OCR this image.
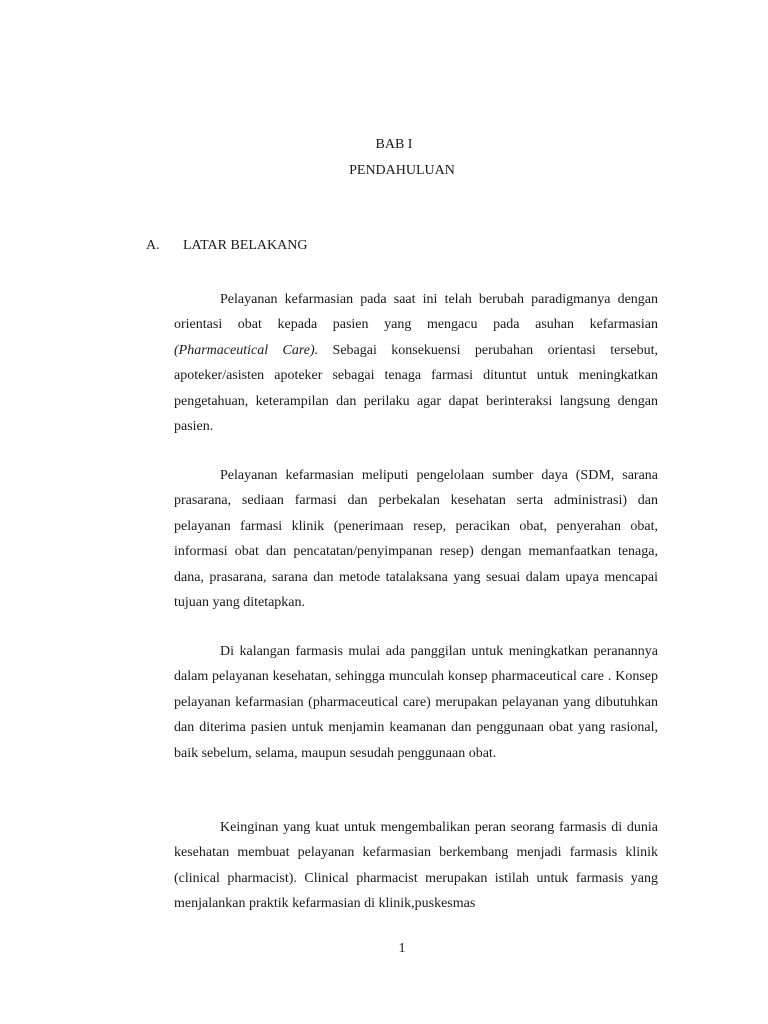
BAB I
PENDAHULUAN
A. LATAR BELAKANG

Pelayanan kefarmasian pada saat ini telah berubah paradigmanya dengan orientasi obat kepada pasien yang mengacu pada asuhan kefarmasian (Pharmaceutical Care). Sebagai konsekuensi perubahan orientasi tersebut, apoteker/asisten apoteker sebagai tenaga farmasi dituntut untuk meningkatkan pengetahuan, keterampilan dan perilaku agar dapat berinteraksi langsung dengan pasien.

Pelayanan kefarmasian meliputi pengelolaan sumber daya (SDM, sarana prasarana, sediaan farmasi dan perbekalan kesehatan serta administrasi) dan pelayanan farmasi klinik (penerimaan resep, peracikan obat, penyerahan obat, informasi obat dan pencatatan/penyimpanan resep) dengan memanfaatkan tenaga, dana, prasarana, sarana dan metode tatalaksana yang sesuai dalam upaya mencapai tujuan yang ditetapkan.

Di kalangan farmasis mulai ada panggilan untuk meningkatkan peranannya dalam pelayanan kesehatan, sehingga munculah konsep pharmaceutical care . Konsep pelayanan kefarmasian (pharmaceutical care) merupakan pelayanan yang dibutuhkan dan diterima pasien untuk menjamin keamanan dan penggunaan obat yang rasional, baik sebelum, selama, maupun sesudah penggunaan obat.

Keinginan yang kuat untuk mengembalikan peran seorang farmasis di dunia kesehatan membuat pelayanan kefarmasian berkembang menjadi farmasis klinik (clinical pharmacist). Clinical pharmacist merupakan istilah untuk farmasis yang menjalankan praktik kefarmasian di klinik,puskesmas

1
